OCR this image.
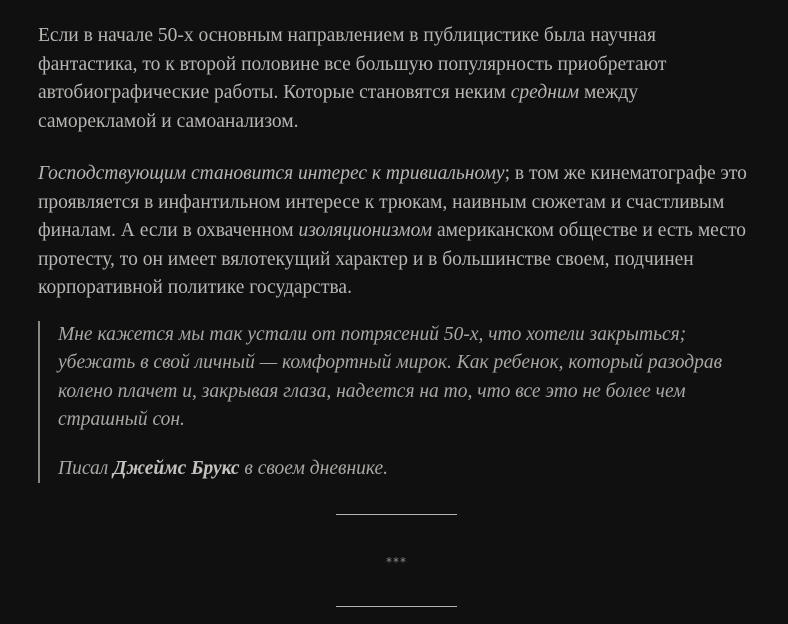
Если в начале 50-х основным направлением в публицистике была научная фантастика, то к второй половине все большую популярность приобретают автобиографические работы. Которые становятся неким средним между саморекламой и самоанализом.

Господствующим становится интерес к тривиальному; в том же кинематографе это проявляется в инфантильном интересе к трюкам, наивным сюжетам и счастливым финалам. А если в охваченном изоляционизмом американском обществе и есть место протесту, то он имеет вялотекущий характер и в большинстве своем, подчинен корпоративной политике государства.

Мне кажется мы так устали от потрясений 50-х, что хотели закрыться; убежать в свой личный — комфортный мирок. Как ребенок, который разодрав колено плачет и, закрывая глаза, надеется на то, что все это не более чем страшный сон.

Писал Джеймс Брукс в своем дневнике.

***
